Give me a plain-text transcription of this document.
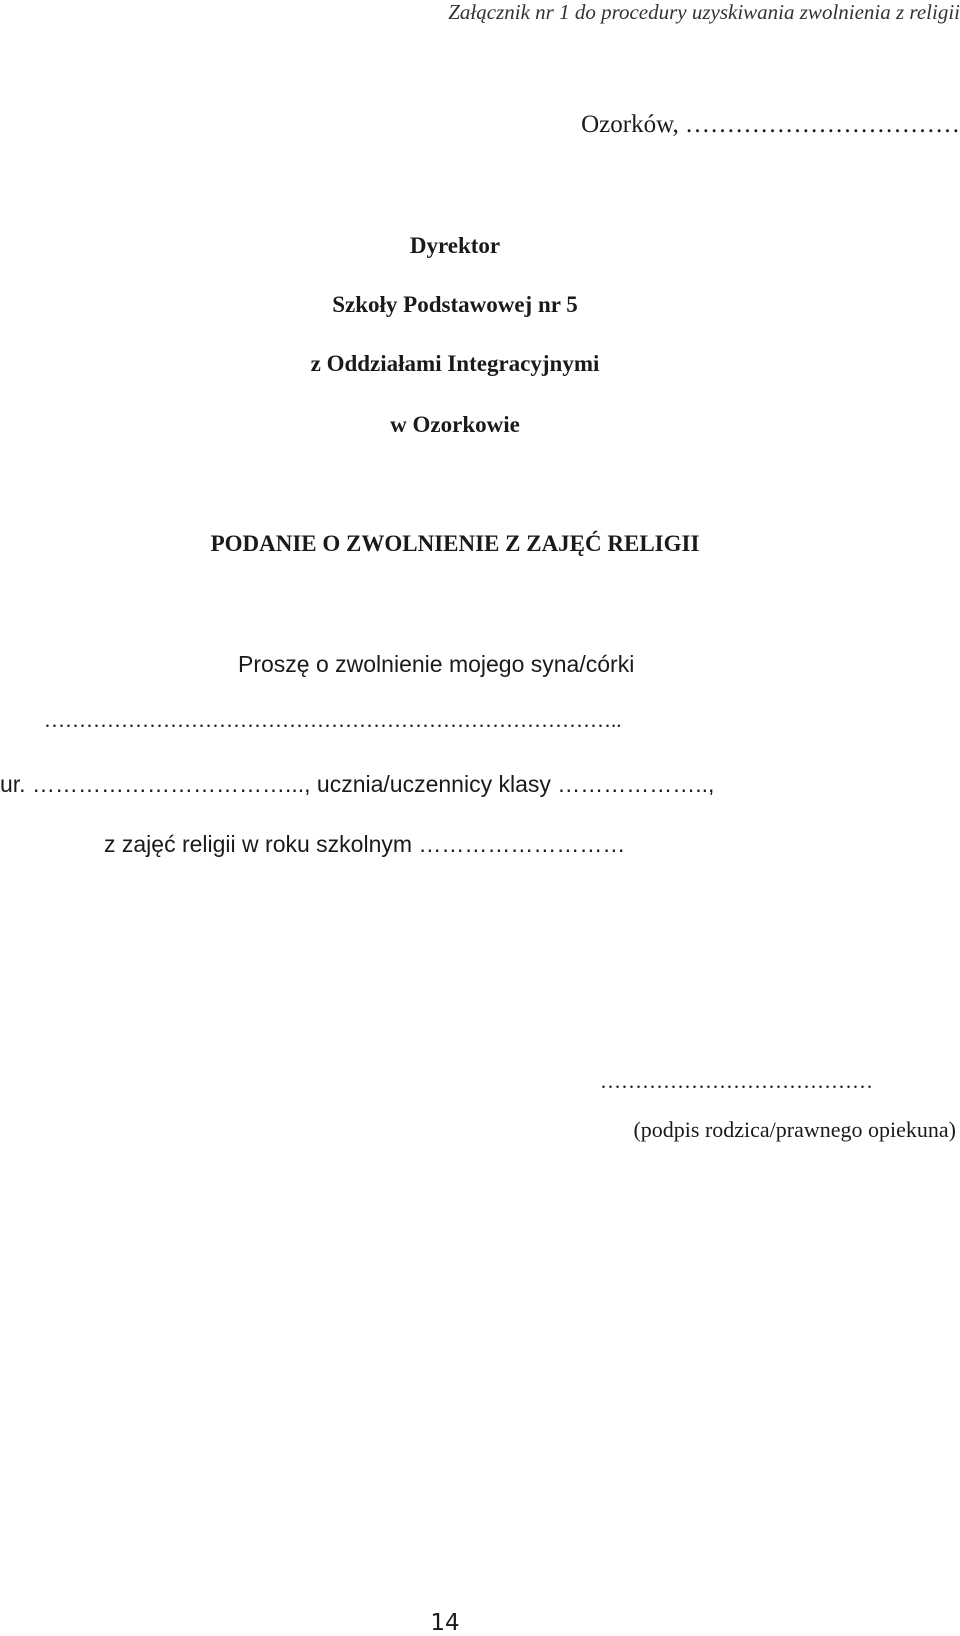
Załącznik nr 1 do procedury uzyskiwania zwolnienia z religii
Ozorków, ……………………………
Dyrektor
Szkoły Podstawowej nr 5
z Oddziałami Integracyjnymi
w Ozorkowie
PODANIE O ZWOLNIENIE Z ZAJĘĆ RELIGII
Proszę o zwolnienie mojego syna/córki
………………………………………………………………………..
ur. ……………………………..., ucznia/uczennicy klasy ………………..,
z zajęć religii w roku szkolnym ………………………
…………………………………
(podpis rodzica/prawnego opiekuna)
14
